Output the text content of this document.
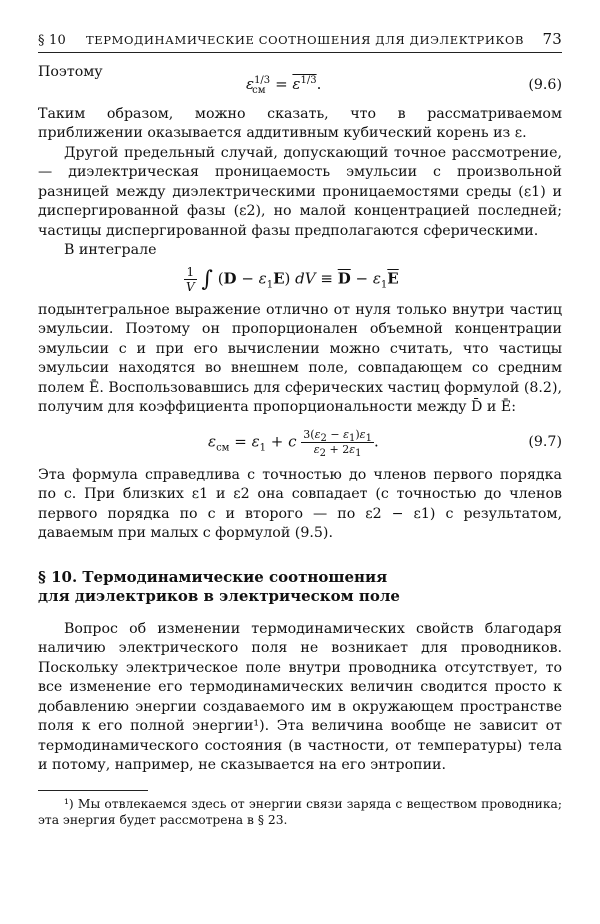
§ 10	ТЕРМОДИНАМИЧЕСКИЕ СООТНОШЕНИЯ ДЛЯ ДИЭЛЕКТРИКОВ	73

Поэтому

$\varepsilon^{1/3}_{см} = \varepsilon^{1/3}$.	(9.6)

Таким образом, можно сказать, что в рассматриваемом приближении оказывается аддитивным кубический корень из ε.

Другой предельный случай, допускающий точное рассмотрение, — диэлектрическая проницаемость эмульсии с произвольной разницей между диэлектрическими проницаемостями среды (ε1) и диспергированной фазы (ε2), но малой концентрацией последней; частицы диспергированной фазы предполагаются сферическими.

В интеграле

$\frac{1}{V}$ ∫ $(D - \varepsilon_1E)$ dV ≡ $\overline{D} - \varepsilon_1\overline{E}$

подынтегральное выражение отлично от нуля только внутри частиц эмульсии. Поэтому он пропорционален объемной концентрации эмульсии c и при его вычислении можно считать, что частицы эмульсии находятся во внешнем поле, совпадающем со средним полем Ē. Воспользовавшись для сферических частиц формулой (8.2), получим для коэффициента пропорциональности между D̄ и Ē:

$\varepsilon_{см} = \varepsilon_1 + c \frac{3(\varepsilon_2 - \varepsilon_1)\varepsilon_1}{\varepsilon_2 + 2\varepsilon_1}$ .	(9.7)

Эта формула справедлива с точностью до членов первого порядка по c. При близких ε1 и ε2 она совпадает (с точностью до членов первого порядка по c и второго — по ε2 − ε1) с результатом, даваемым при малых c формулой (9.5).

§ 10. Термодинамические соотношения

для диэлектриков в электрическом поле

Вопрос об изменении термодинамических свойств благодаря наличию электрического поля не возникает для проводников. Поскольку электрическое поле внутри проводника отсутствует, то все изменение его термодинамических величин сводится просто к добавлению энергии создаваемого им в окружающем пространстве поля к его полной энергии¹). Эта величина вообще не зависит от термодинамического состояния (в частности, от температуры) тела и потому, например, не сказывается на его энтропии.

¹) Мы отвлекаемся здесь от энергии связи заряда с веществом проводника; эта энергия будет рассмотрена в § 23.
